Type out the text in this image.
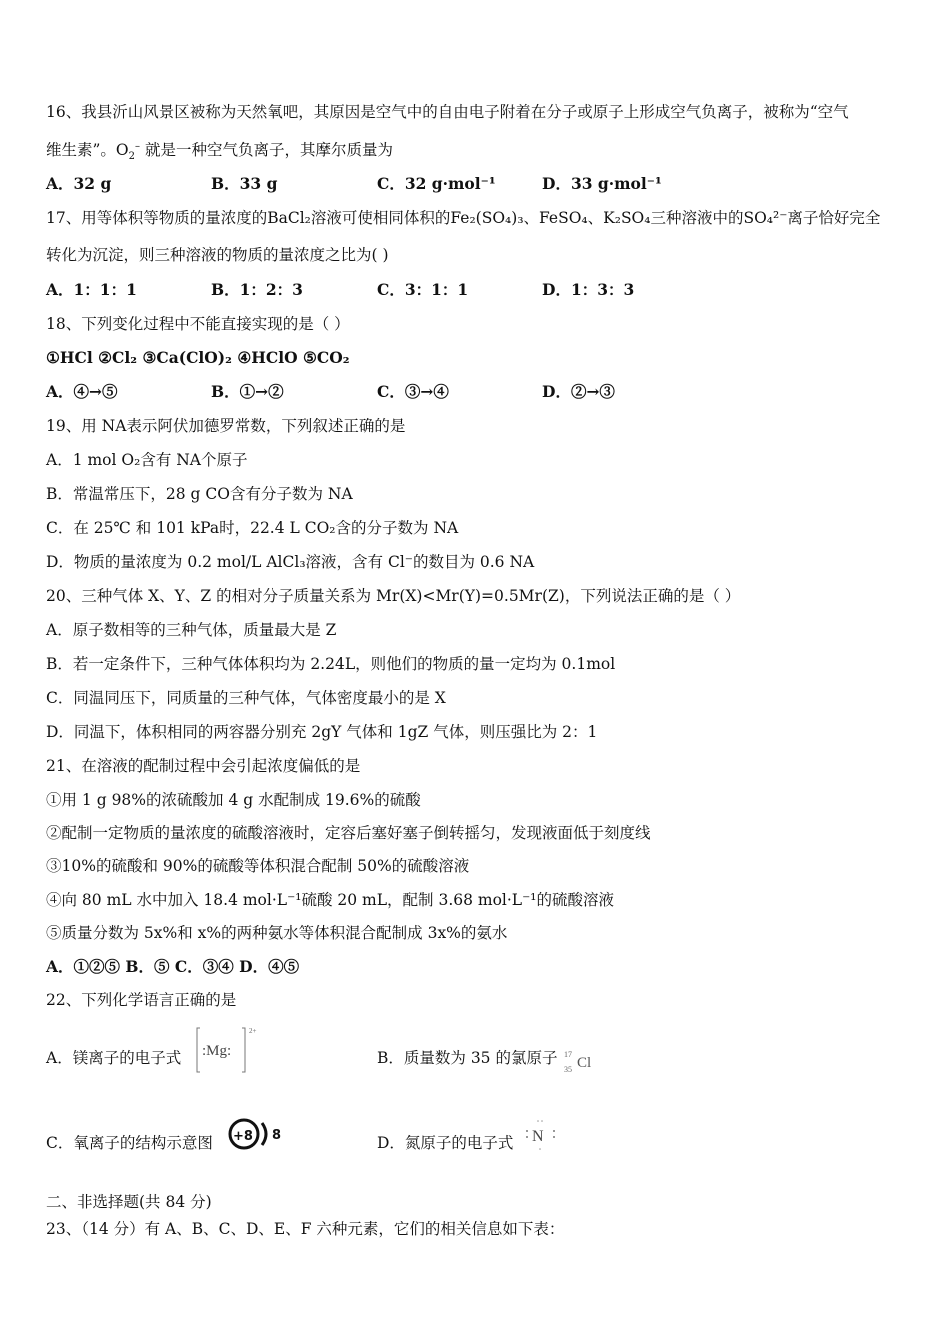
16、我县沂山风景区被称为天然氧吧，其原因是空气中的自由电子附着在分子或原子上形成空气负离子，被称为“空气
维生素”。$O_2^-$ 就是一种空气负离子，其摩尔质量为
A．32 g	B．33 g	C．32 g·mol⁻¹	D．33 g·mol⁻¹
17、用等体积等物质的量浓度的BaCl₂溶液可使相同体积的Fe₂(SO₄)₃、FeSO₄、K₂SO₄三种溶液中的SO₄²⁻离子恰好完全
转化为沉淀，则三种溶液的物质的量浓度之比为( )
A．1：1：1	B．1：2：3	C．3：1：1	D．1：3：3
18、下列变化过程中不能直接实现的是（ ）
①HCl ②Cl₂ ③Ca(ClO)₂ ④HClO ⑤CO₂
A．④→⑤	B．①→②	C．③→④	D．②→③
19、用 NA表示阿伏加德罗常数，下列叙述正确的是
A．1 mol O₂含有 NA个原子
B．常温常压下，28 g CO含有分子数为 NA
C．在 25℃ 和 101 kPa时，22.4 L CO₂含的分子数为 NA
D．物质的量浓度为 0.2 mol/L AlCl₃溶液，含有 Cl⁻的数目为 0.6 NA
20、三种气体 X、Y、Z 的相对分子质量关系为 Mr(X)<Mr(Y)=0.5Mr(Z)，下列说法正确的是（ ）
A．原子数相等的三种气体，质量最大是 Z
B．若一定条件下，三种气体体积均为 2.24L，则他们的物质的量一定均为 0.1mol
C．同温同压下，同质量的三种气体，气体密度最小的是 X
D．同温下，体积相同的两容器分别充 2gY 气体和 1gZ 气体，则压强比为 2：1
21、在溶液的配制过程中会引起浓度偏低的是
①用 1 g 98%的浓硫酸加 4 g 水配制成 19.6%的硫酸
②配制一定物质的量浓度的硫酸溶液时，定容后塞好塞子倒转摇匀，发现液面低于刻度线
③10%的硫酸和 90%的硫酸等体积混合配制 50%的硫酸溶液
④向 80 mL 水中加入 18.4 mol·L⁻¹硫酸 20 mL，配制 3.68 mol·L⁻¹的硫酸溶液
⑤质量分数为 5x%和 x%的两种氨水等体积混合配制成 3x%的氨水
A．①②⑤ B．⑤ C．③④ D．④⑤
22、下列化学语言正确的是
A．镁离子的电子式 :Mg:
2+
B．质量数为 35 的氯原子 17
35 Cl
C．氧离子的结构示意图 +8 8	D．氮原子的电子式 N
二、非选择题(共 84 分)
23、（14 分）有 A、B、C、D、E、F 六种元素，它们的相关信息如下表：
